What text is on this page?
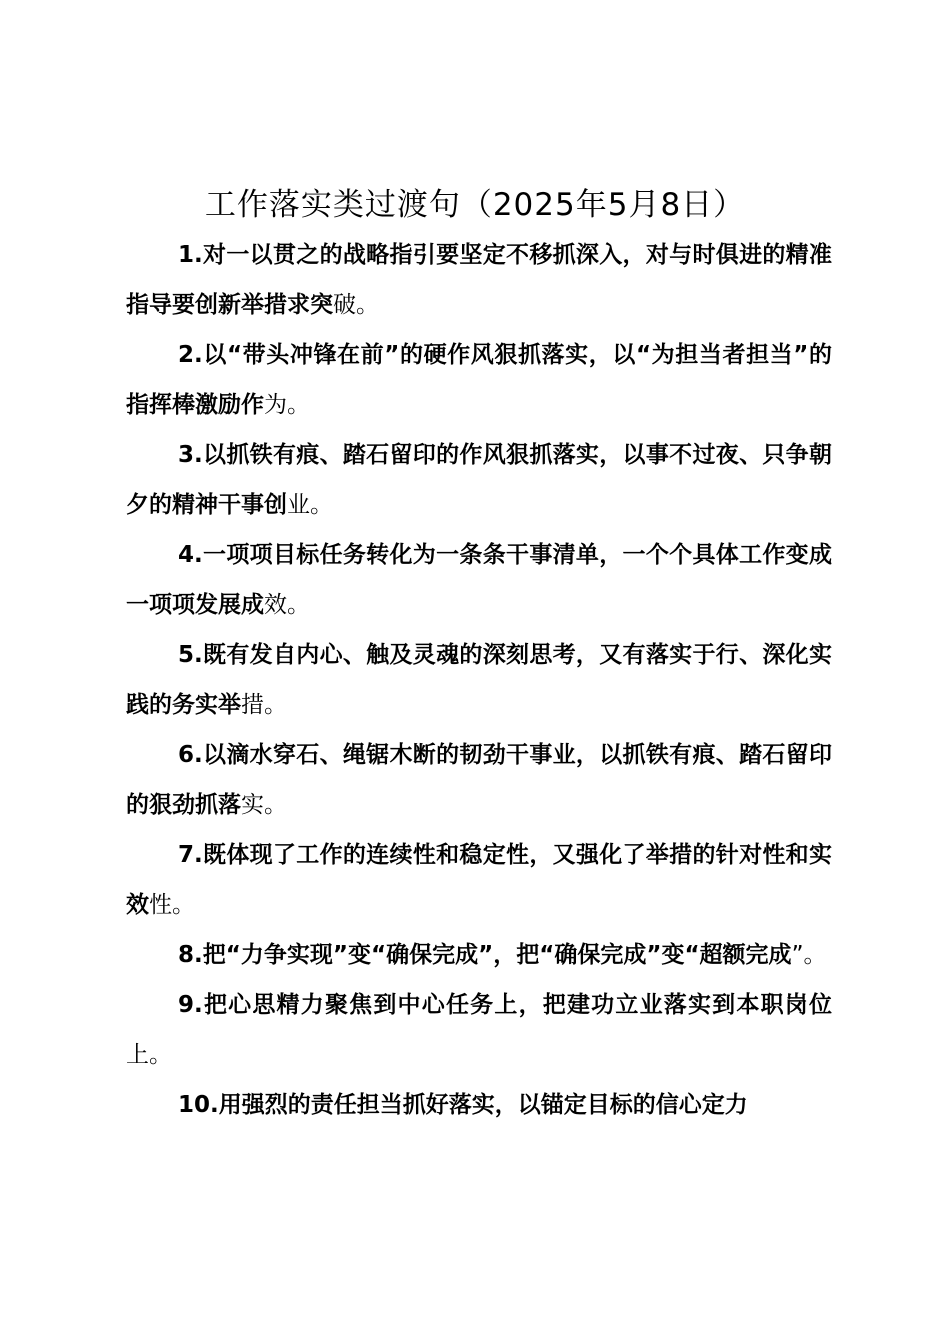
工作落实类过渡句（2025年5月8日）

1.对一以贯之的战略指引要坚定不移抓深入，对与时俱进的精准指导要创新举措求突破。

2.以“带头冲锋在前”的硬作风狠抓落实，以“为担当者担当”的指挥棒激励作为。

3.以抓铁有痕、踏石留印的作风狠抓落实，以事不过夜、只争朝夕的精神干事创业。

4.一项项目标任务转化为一条条干事清单，一个个具体工作变成一项项发展成效。

5.既有发自内心、触及灵魂的深刻思考，又有落实于行、深化实践的务实举措。

6.以滴水穿石、绳锯木断的韧劲干事业，以抓铁有痕、踏石留印的狠劲抓落实。

7.既体现了工作的连续性和稳定性，又强化了举措的针对性和实效性。

8.把“力争实现”变“确保完成”，把“确保完成”变“超额完成”。

9.把心思精力聚焦到中心任务上，把建功立业落实到本职岗位上。

10.用强烈的责任担当抓好落实，以锚定目标的信心定力
